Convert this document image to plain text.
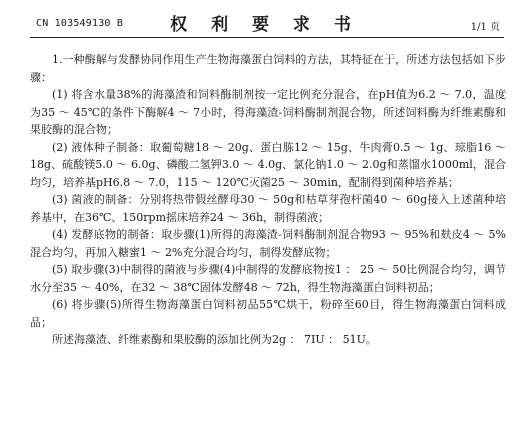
CN 103549130 B	权 利 要 求 书	1/1 页

1.一种酶解与发酵协同作用生产生物海藻蛋白饲料的方法，其特征在于，所述方法包括如下步骤：

(1) 将含水量38%的海藻渣和饲料酶制剂按一定比例充分混合，在pH值为6.2 ～ 7.0，温度为35 ～ 45℃的条件下酶解4 ～ 7小时，得海藻渣-饲料酶制剂混合物，所述饲料酶为纤维素酶和果胶酶的混合物；

(2) 液体种子制备：取葡萄糖18 ～ 20g、蛋白胨12 ～ 15g、牛肉膏0.5 ～ 1g、琼脂16 ～ 18g、硫酸镁5.0 ～ 6.0g、磷酸二氢钾3.0 ～ 4.0g、氯化钠1.0 ～ 2.0g和蒸馏水1000ml，混合均匀，培养基pH6.8 ～ 7.0，115 ～ 120℃灭菌25 ～ 30min，配制得到菌种培养基；

(3) 菌液的制备：分别将热带假丝酵母30 ～ 50g和枯草芽孢杆菌40 ～ 60g接入上述菌种培养基中，在36℃、150rpm摇床培养24 ～ 36h，制得菌液；

(4) 发酵底物的制备：取步骤(1)所得的海藻渣-饲料酶制剂混合物93 ～ 95%和麸皮4 ～ 5%混合均匀，再加入糖蜜1 ～ 2%充分混合均匀，制得发酵底物；

(5) 取步骤(3)中制得的菌液与步骤(4)中制得的发酵底物按1 ： 25 ～ 50比例混合均匀，调节水分至35 ～ 40%，在32 ～ 38℃固体发酵48 ～ 72h，得生物海藻蛋白饲料初品；

(6) 将步骤(5)所得生物海藻蛋白饲料初品55℃烘干，粉碎至60目，得生物海藻蛋白饲料成品；

所述海藻渣、纤维素酶和果胶酶的添加比例为2g ： 7IU ： 51U。
